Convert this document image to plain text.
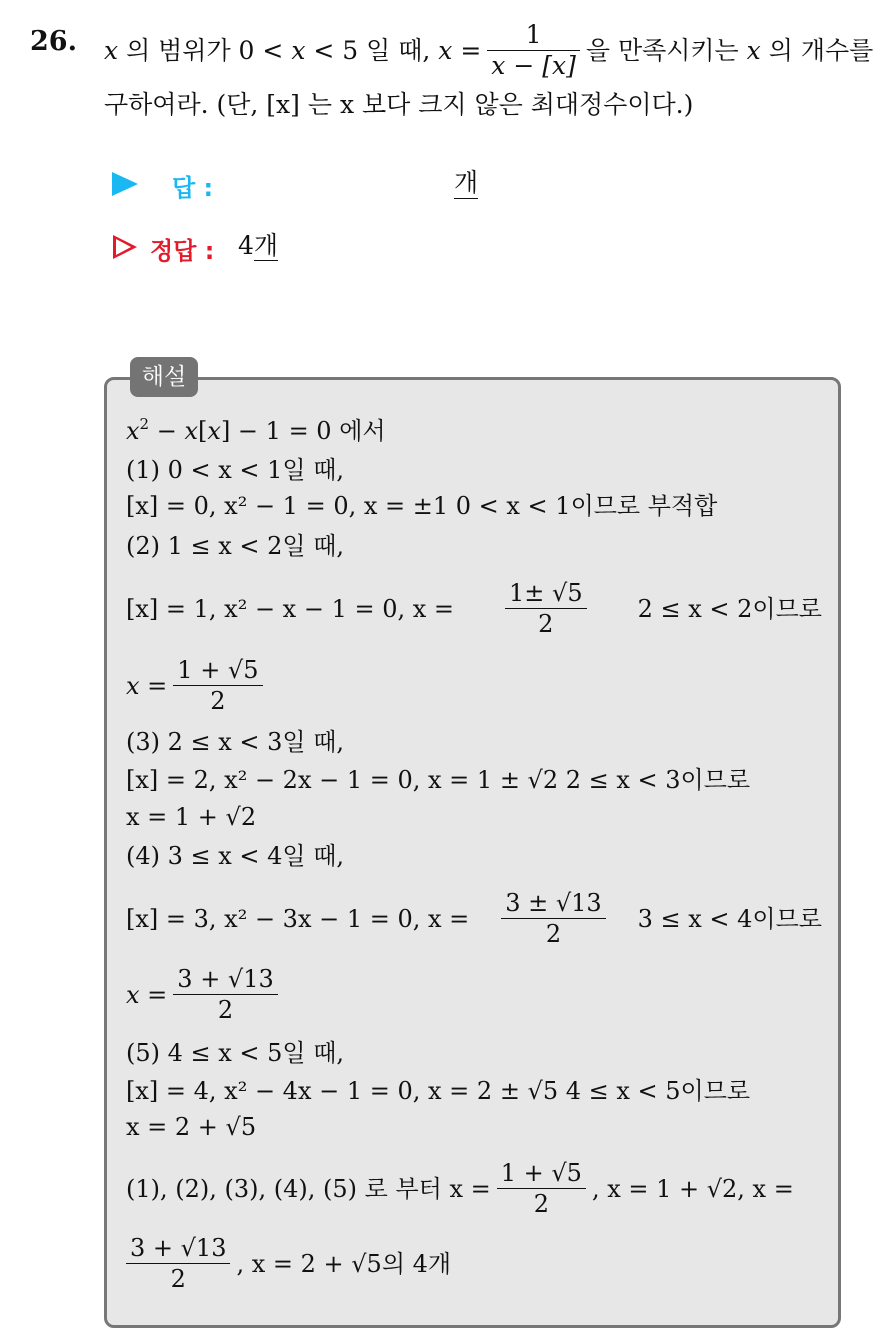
26. x
의 범위가 0 <
x
< 5 일 때,
x
= $\frac{1}{x - [x]}$ 을 만족시키는
x
의 개수를
구하여라. (단, [x] 는 x 보다 크지 않은 최대정수이다.)
답 :	개
정답 : 4개
해설
$x^2 - x[x] - 1 = 0$ 에서
(1) 0 < x < 1일 때,
[x] = 0, x² − 1 = 0, x = ±1 0 < x < 1이므로 부적합
(2) 1 ≤ x < 2일 때,
[x] = 1, x² − x − 1 = 0, $x = \frac{1\pm √5}{2} 2 \le x < 2$이므로
$x = \frac{1 + √5}{2}$
(3) 2 ≤ x < 3일 때,
[x] = 2, x² − 2x − 1 = 0, x = 1 ± √2 2 ≤ x < 3이므로
x = 1 + √2
(4) 3 ≤ x < 4일 때,
[x] = 3, x² − 3x − 1 = 0, $x = \frac{3 \pm √13}{2} 3 \le x < 4$이므로
$x = \frac{3 + √13}{2}$
(5) 4 ≤ x < 5일 때,
[x] = 4, x² − 4x − 1 = 0, x = 2 ± √5 4 ≤ x < 5이므로
x = 2 + √5
(1), (2), (3), (4), (5) 로 부터 $x = \frac{1 + √5}{2}$ , x = 1 + √2, x =
$\frac{3 + √13}{2}$ , x = 2 + √5의 4개
